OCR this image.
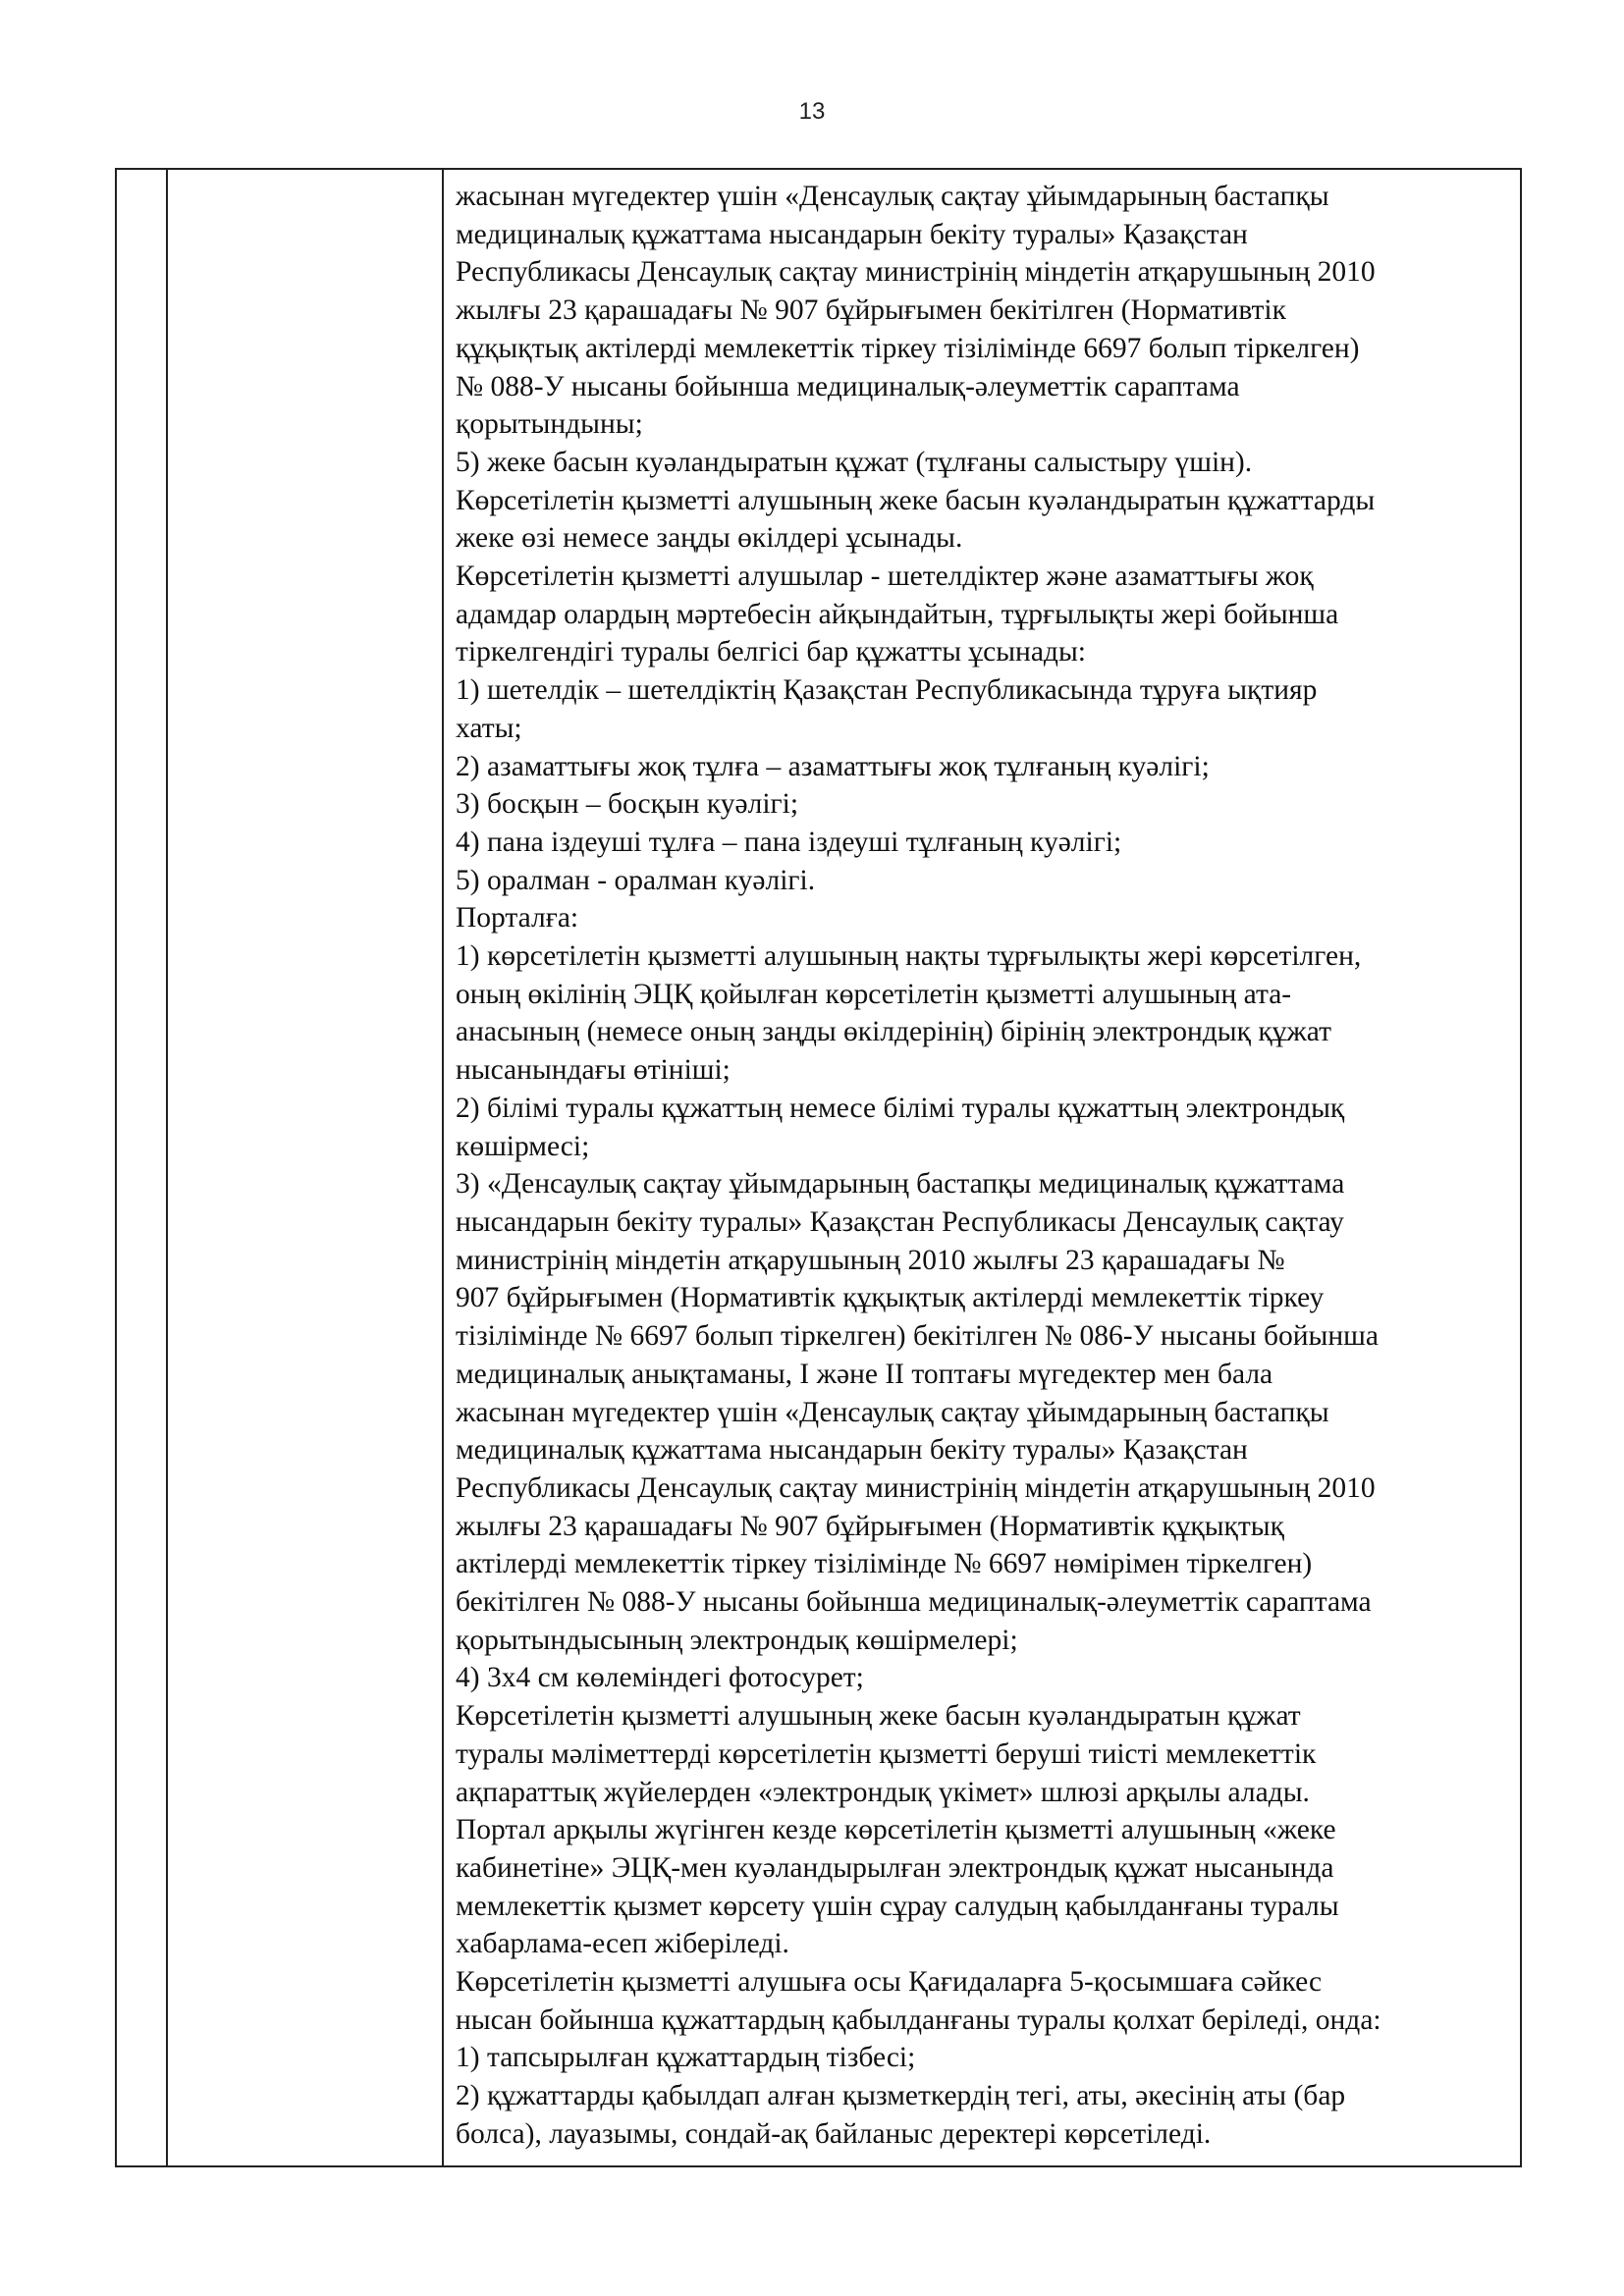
13

жасынан мүгедектер үшін «Денсаулық сақтау ұйымдарының бастапқы

медициналық құжаттама нысандарын бекіту туралы» Қазақстан

Республикасы Денсаулық сақтау министрінің міндетін атқарушының 2010

жылғы 23 қарашадағы № 907 бұйрығымен бекітілген (Нормативтік

құқықтық актілерді мемлекеттік тіркеу тізілімінде 6697 болып тіркелген)

№ 088-У нысаны бойынша медициналық-әлеуметтік сараптама

қорытындыны;

5) жеке басын куәландыратын құжат (тұлғаны салыстыру үшін).

Көрсетілетін қызметті алушының жеке басын куәландыратын құжаттарды

жеке өзі немесе заңды өкілдері ұсынады.

Көрсетілетін қызметті алушылар - шетелдіктер және азаматтығы жоқ

адамдар олардың мәртебесін айқындайтын, тұрғылықты жері бойынша

тіркелгендігі туралы белгісі бар құжатты ұсынады:

1) шетелдік – шетелдіктің Қазақстан Республикасында тұруға ықтияр

хаты;

2) азаматтығы жоқ тұлға – азаматтығы жоқ тұлғаның куәлігі;

3) босқын – босқын куәлігі;

4) пана іздеуші тұлға – пана іздеуші тұлғаның куәлігі;

5) оралман - оралман куәлігі.

Порталға:

1) көрсетілетін қызметті алушының нақты тұрғылықты жері көрсетілген,

оның өкілінің ЭЦҚ қойылған көрсетілетін қызметті алушының ата-

анасының (немесе оның заңды өкілдерінің) бірінің электрондық құжат

нысанындағы өтініші;

2) білімі туралы құжаттың немесе білімі туралы құжаттың электрондық

көшірмесі;

3) «Денсаулық сақтау ұйымдарының бастапқы медициналық құжаттама

нысандарын бекіту туралы» Қазақстан Республикасы Денсаулық сақтау

министрінің міндетін атқарушының 2010 жылғы 23 қарашадағы №

907 бұйрығымен (Нормативтік құқықтық актілерді мемлекеттік тіркеу

тізілімінде № 6697 болып тіркелген) бекітілген № 086-У нысаны бойынша

медициналық анықтаманы, I және II топтағы мүгедектер мен бала

жасынан мүгедектер үшін «Денсаулық сақтау ұйымдарының бастапқы

медициналық құжаттама нысандарын бекіту туралы» Қазақстан

Республикасы Денсаулық сақтау министрінің міндетін атқарушының 2010

жылғы 23 қарашадағы № 907 бұйрығымен (Нормативтік құқықтық

актілерді мемлекеттік тіркеу тізілімінде № 6697 нөмірімен тіркелген)

бекітілген № 088-У нысаны бойынша медициналық-әлеуметтік сараптама

қорытындысының электрондық көшірмелері;

4) 3х4 см көлеміндегі фотосурет;

Көрсетілетін қызметті алушының жеке басын куәландыратын құжат

туралы мәліметтерді көрсетілетін қызметті беруші тиісті мемлекеттік

ақпараттық жүйелерден «электрондық үкімет» шлюзі арқылы алады.

Портал арқылы жүгінген кезде көрсетілетін қызметті алушының «жеке

кабинетіне» ЭЦҚ-мен куәландырылған электрондық құжат нысанында

мемлекеттік қызмет көрсету үшін сұрау салудың қабылданғаны туралы

хабарлама-есеп жіберіледі.

Көрсетілетін қызметті алушыға осы Қағидаларға 5-қосымшаға сәйкес

нысан бойынша құжаттардың қабылданғаны туралы қолхат беріледі, онда:

1) тапсырылған құжаттардың тізбесі;

2) құжаттарды қабылдап алған қызметкердің тегі, аты, әкесінің аты (бар

болса), лауазымы, сондай-ақ байланыс деректері көрсетіледі.
